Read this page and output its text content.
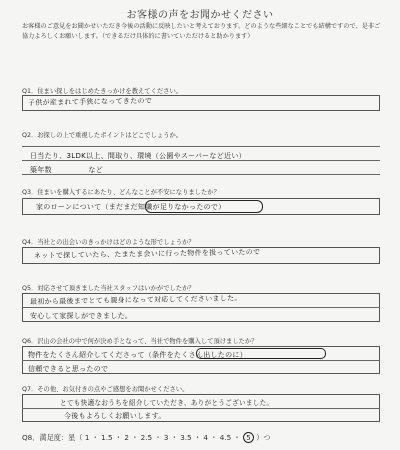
お客様の声をお聞かせください
お客様のご意見をお聞かせいただき今後の活動に反映したいと考えております。どのような些細なことでも結構ですので、是非ご協力よろしくお願いします。（できるだけ具体的に書いていただけると助かります）
Q1．住まい探しをはじめたきっかけを教えてください。
子供が産まれて手狭になってきたので
Q2．お探しの上で重視したポイントはどこでしょうか。
日当たり、3LDK以上、間取り、環境（公園やスーパーなど近い）
築年数　　　　　など
Q3．住まいを購入するにあたり、どんなことが不安になりましたか？
家のローンについて（まだまだ知識が足りなかったので）
Q4．当社との出会いのきっかけはどのような形でしょうか？
ネットで探していたら、たまたま会いに行った物件を扱っていたので
Q5．対応させて頂きました当社スタッフはいかがでしたか？
最初から最後までとても親身になって対応してくださいました。
安心して家探しができました。
Q6．沢山の会社の中で何が決め手となって、当社で物件を購入して頂けましたか？
物件をたくさん紹介してくださって（条件をたくさん出したのに）
信頼できると思ったので
Q7．その他、お気付きの点やご感想をお聞かせください。
とても快適なおうちを紹介していただき、ありがとうございました。
今後もよろしくお願いします。
Q8．満足度：星（ 1 ・ 1.5 ・ 2 ・ 2.5 ・ 3 ・ 3.5 ・ 4 ・ 4.5 ・ 5 ）つ
